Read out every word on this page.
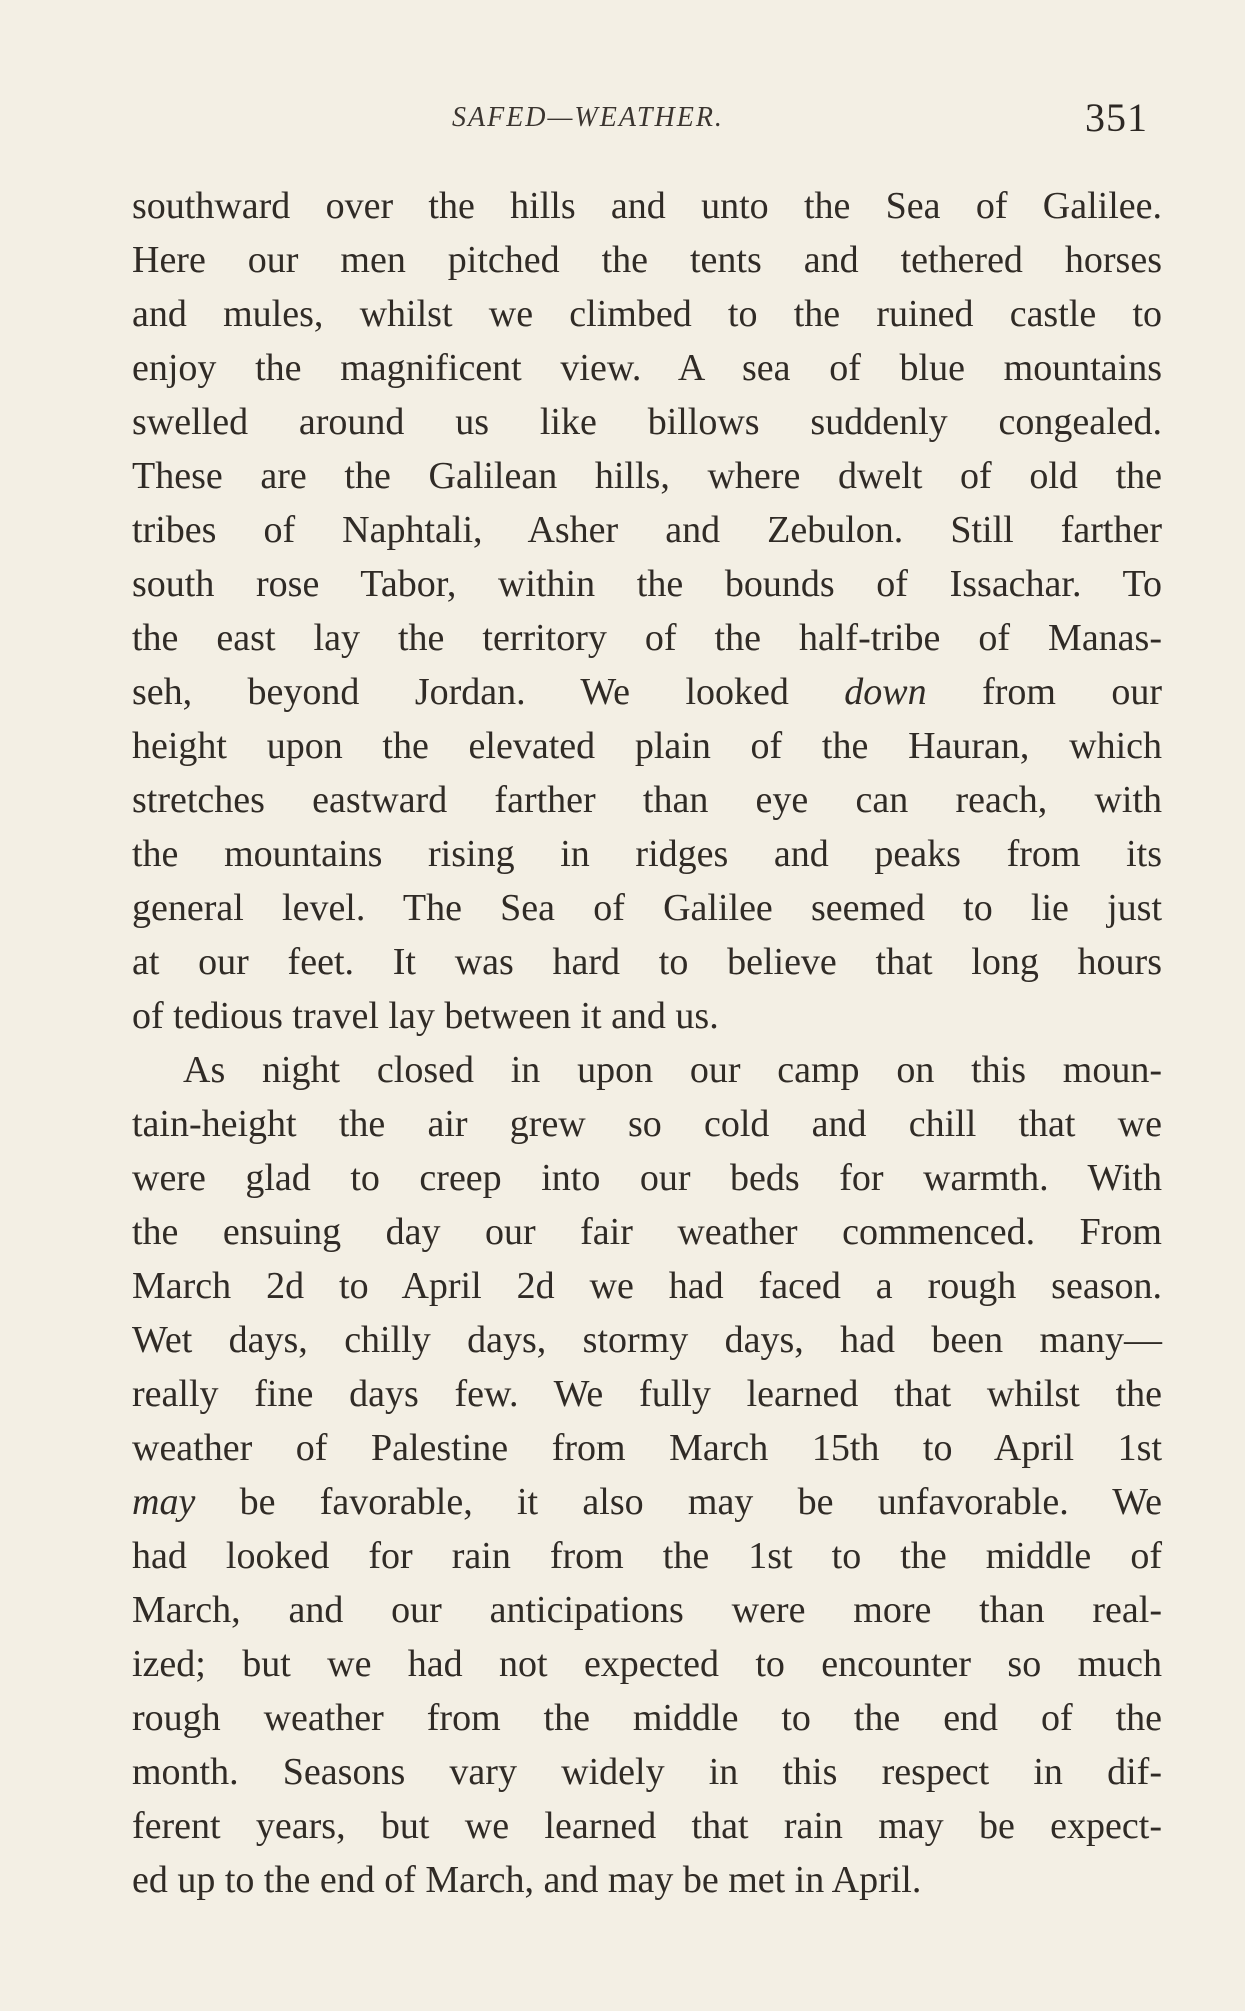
SAFED—WEATHER.	351
southward over the hills and unto the Sea of Galilee.
Here our men pitched the tents and tethered horses
and mules, whilst we climbed to the ruined castle to
enjoy the magnificent view. A sea of blue mountains
swelled around us like billows suddenly congealed.
These are the Galilean hills, where dwelt of old the
tribes of Naphtali, Asher and Zebulon. Still farther
south rose Tabor, within the bounds of Issachar. To
the east lay the territory of the half-tribe of Manas-
seh, beyond Jordan. We looked down from our
height upon the elevated plain of the Hauran, which
stretches eastward farther than eye can reach, with
the mountains rising in ridges and peaks from its
general level. The Sea of Galilee seemed to lie just
at our feet. It was hard to believe that long hours
of tedious travel lay between it and us.
As night closed in upon our camp on this moun-
tain-height the air grew so cold and chill that we
were glad to creep into our beds for warmth. With
the ensuing day our fair weather commenced. From
March 2d to April 2d we had faced a rough season.
Wet days, chilly days, stormy days, had been many—
really fine days few. We fully learned that whilst the
weather of Palestine from March 15th to April 1st
may be favorable, it also may be unfavorable. We
had looked for rain from the 1st to the middle of
March, and our anticipations were more than real-
ized; but we had not expected to encounter so much
rough weather from the middle to the end of the
month. Seasons vary widely in this respect in dif-
ferent years, but we learned that rain may be expect-
ed up to the end of March, and may be met in April.
